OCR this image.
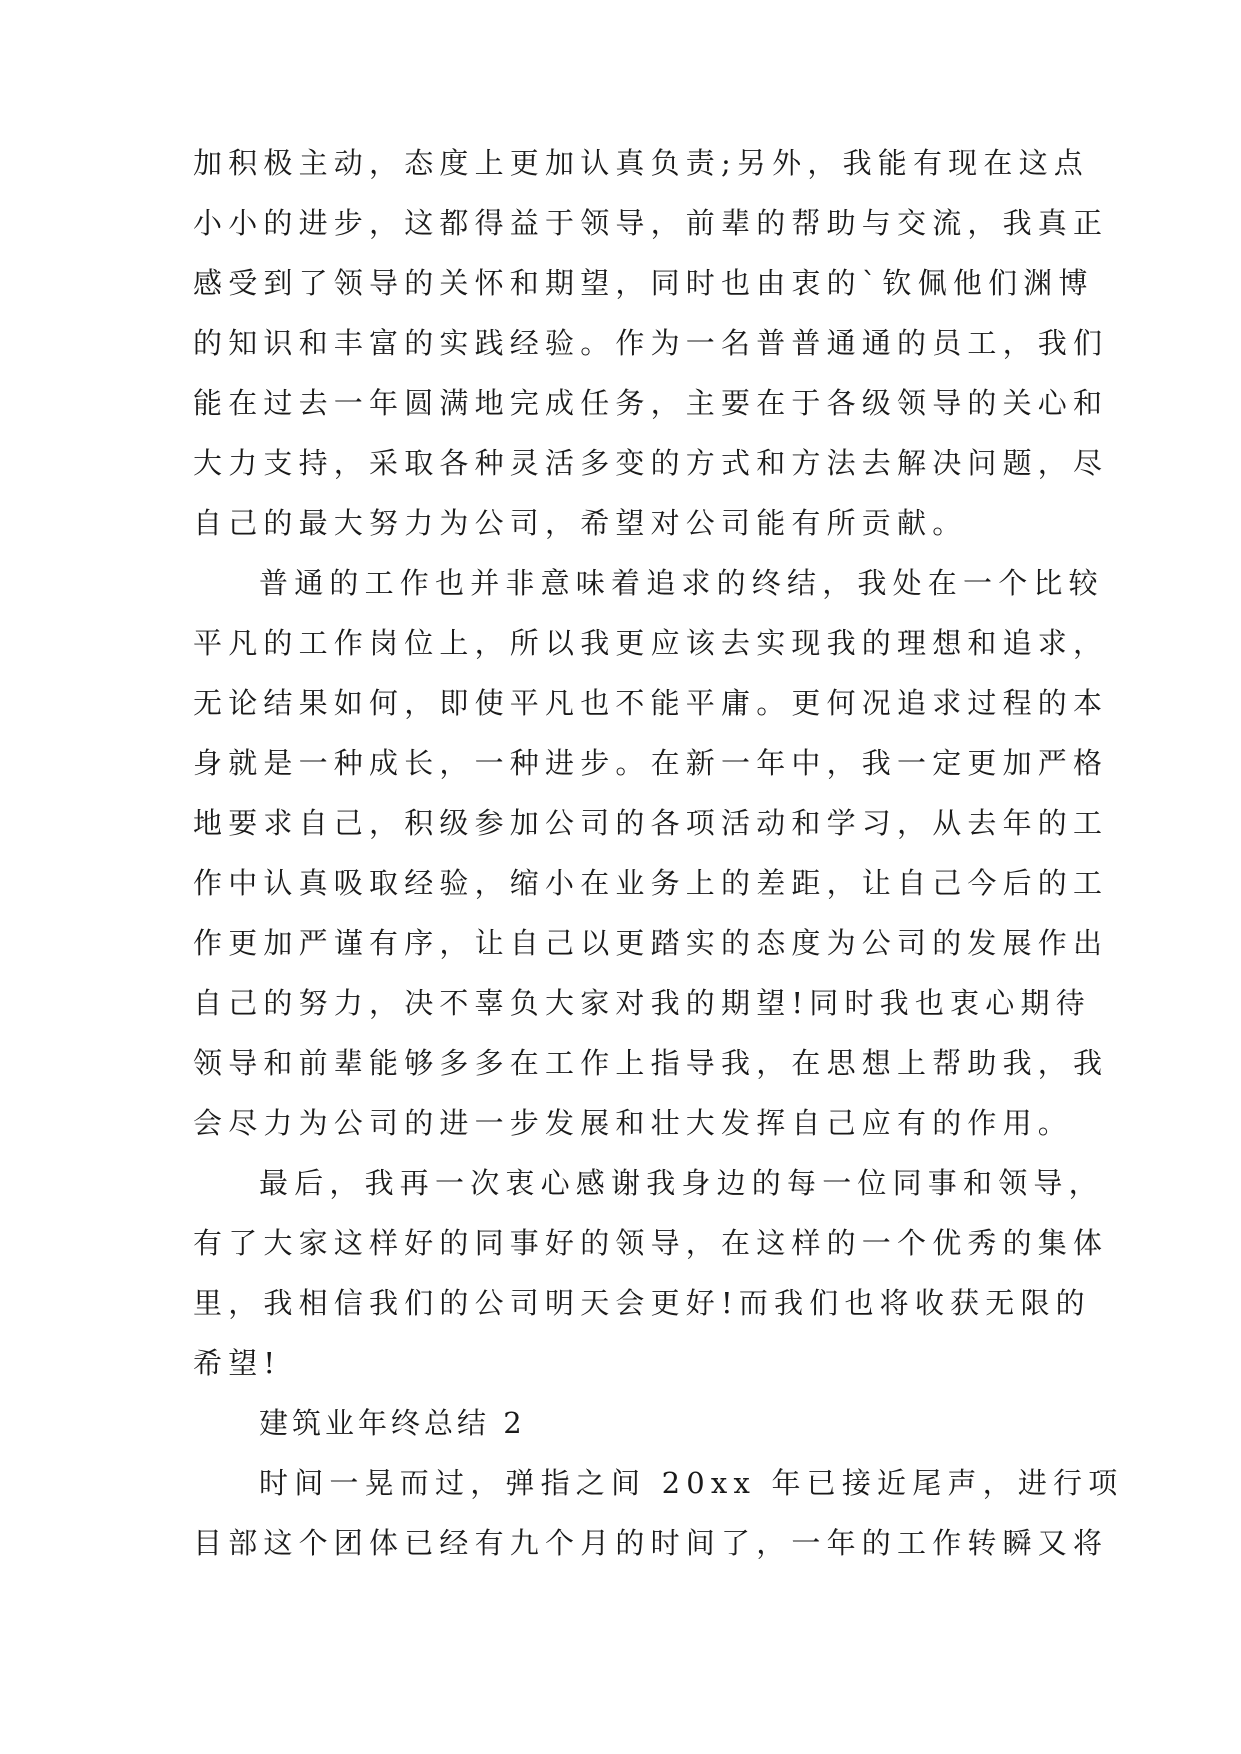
加积极主动，态度上更加认真负责;另外，我能有现在这点
小小的进步，这都得益于领导，前辈的帮助与交流，我真正
感受到了领导的关怀和期望，同时也由衷的`钦佩他们渊博
的知识和丰富的实践经验。作为一名普普通通的员工，我们
能在过去一年圆满地完成任务，主要在于各级领导的关心和
大力支持，采取各种灵活多变的方式和方法去解决问题，尽
自己的最大努力为公司，希望对公司能有所贡献。
普通的工作也并非意味着追求的终结，我处在一个比较
平凡的工作岗位上，所以我更应该去实现我的理想和追求，
无论结果如何，即使平凡也不能平庸。更何况追求过程的本
身就是一种成长，一种进步。在新一年中，我一定更加严格
地要求自己，积级参加公司的各项活动和学习，从去年的工
作中认真吸取经验，缩小在业务上的差距，让自己今后的工
作更加严谨有序，让自己以更踏实的态度为公司的发展作出
自己的努力，决不辜负大家对我的期望!同时我也衷心期待
领导和前辈能够多多在工作上指导我，在思想上帮助我，我
会尽力为公司的进一步发展和壮大发挥自己应有的作用。
最后，我再一次衷心感谢我身边的每一位同事和领导，
有了大家这样好的同事好的领导，在这样的一个优秀的集体
里，我相信我们的公司明天会更好!而我们也将收获无限的
希望!
建筑业年终总结 2
时间一晃而过，弹指之间 20xx 年已接近尾声，进行项
目部这个团体已经有九个月的时间了，一年的工作转瞬又将
